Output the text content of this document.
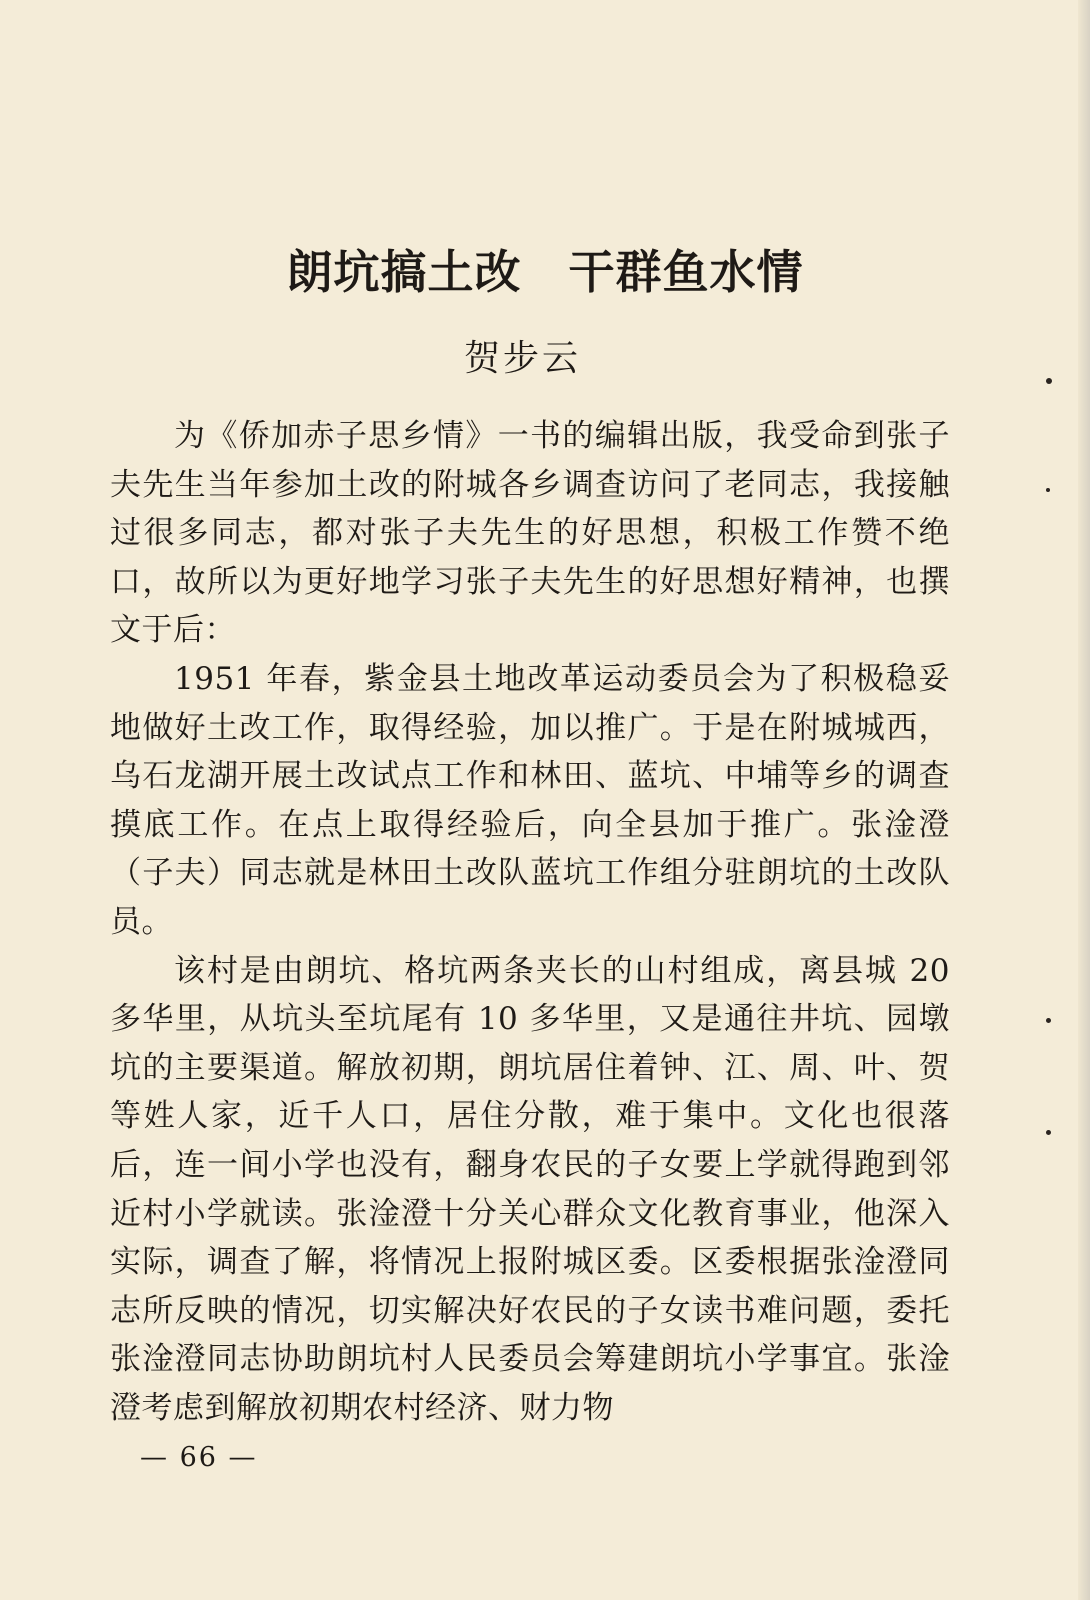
朗坑搞土改　干群鱼水情
贺步云

为《侨加赤子思乡情》一书的编辑出版，我受命到张子夫先生当年参加土改的附城各乡调查访问了老同志，我接触过很多同志，都对张子夫先生的好思想，积极工作赞不绝口，故所以为更好地学习张子夫先生的好思想好精神，也撰文于后：

1951 年春，紫金县土地改革运动委员会为了积极稳妥地做好土改工作，取得经验，加以推广。于是在附城城西，乌石龙湖开展土改试点工作和林田、蓝坑、中埔等乡的调查摸底工作。在点上取得经验后，向全县加于推广。张淦澄（子夫）同志就是林田土改队蓝坑工作组分驻朗坑的土改队员。

该村是由朗坑、格坑两条夹长的山村组成，离县城 20 多华里，从坑头至坑尾有 10 多华里，又是通往井坑、园墩坑的主要渠道。解放初期，朗坑居住着钟、江、周、叶、贺等姓人家，近千人口，居住分散，难于集中。文化也很落后，连一间小学也没有，翻身农民的子女要上学就得跑到邻近村小学就读。张淦澄十分关心群众文化教育事业，他深入实际，调查了解，将情况上报附城区委。区委根据张淦澄同志所反映的情况，切实解决好农民的子女读书难问题，委托张淦澄同志协助朗坑村人民委员会筹建朗坑小学事宜。张淦澄考虑到解放初期农村经济、财力物

— 66 —
